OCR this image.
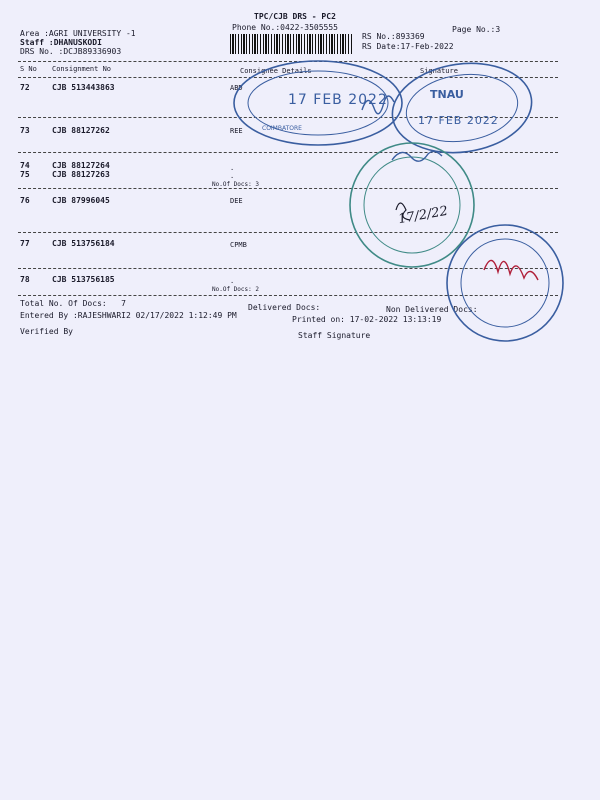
TPC/CJB DRS - PC2
Phone No.:0422-3505555	Page No.:3
Area :AGRI UNIVERSITY -1
Staff :DHANUSKODI
DRS No. :DCJB89336903
RS No.:893369
RS Date:17-Feb-2022
S No Consignment No	Consignee Details	Signature
72	CJB 513443863	ABD
73	CJB 88127262	REE
74	CJB 88127264
75	CJB 88127263	·
·
No.Of Docs: 3
76	CJB 87996045	DEE
77	CJB 513756184	CPMB
78	CJB 513756185	·
No.Of Docs: 2
Total No. Of Docs:   7	Delivered Docs:	Non Delivered Docs:
Entered By :RAJESHWARI2 02/17/2022 1:12:49 PM	Printed on: 17-02-2022 13:13:19
Verified By	Staff Signature
17 FEB 2022
COIMBATORE
TNAU
17 FEB 2022
17/2/22
